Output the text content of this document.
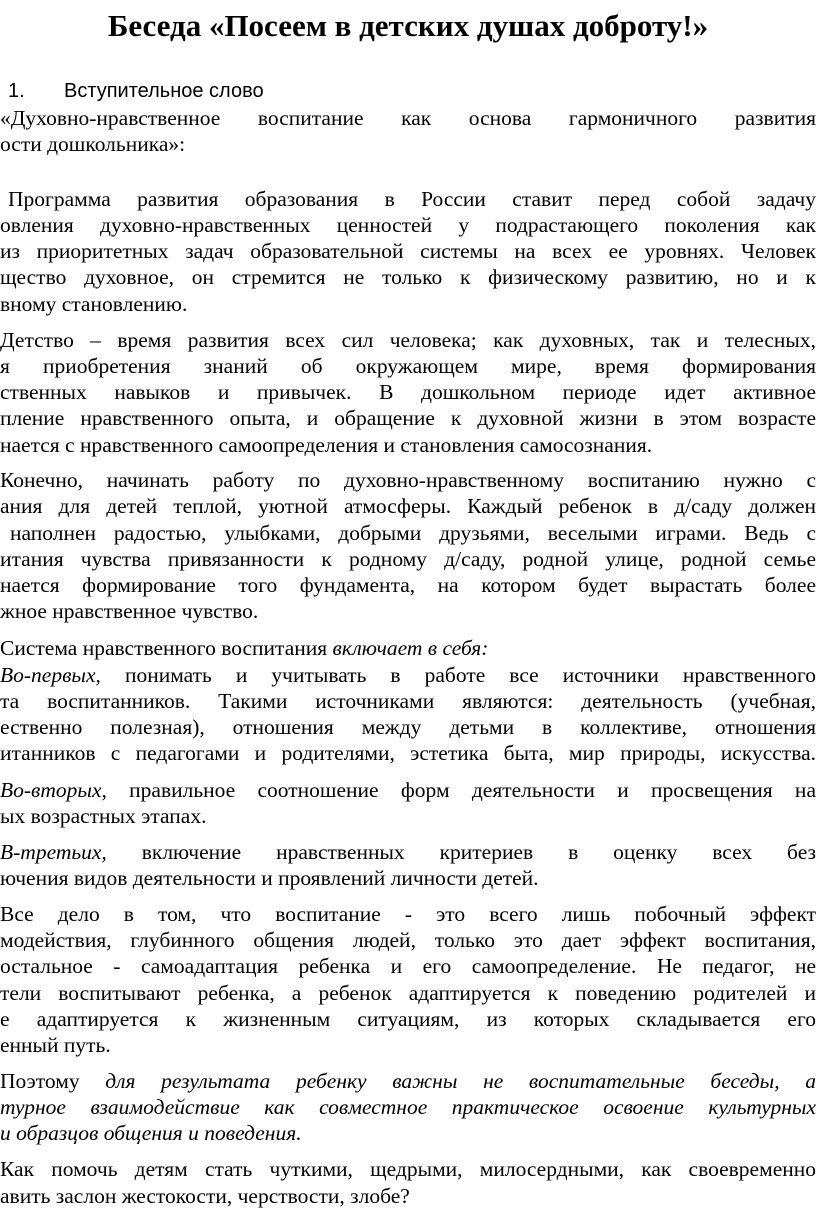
Беседа «Посеем в детских душах доброту!»
1. Вступительное слово
«Духовно-нравственное воспитание как основа гармоничного развития
ости дошкольника»:
Программа развития образования в России ставит перед собой задачу
овления духовно-нравственных ценностей у подрастающего поколения как
из приоритетных задач образовательной системы на всех ее уровнях. Человек
щество духовное, он стремится не только к физическому развитию, но и к
вному становлению.
Детство – время развития всех сил человека; как духовных, так и телесных,
я приобретения знаний об окружающем мире, время формирования
ственных навыков и привычек. В дошкольном периоде идет активное
пление нравственного опыта, и обращение к духовной жизни в этом возрасте
нается с нравственного самоопределения и становления самосознания.
Конечно, начинать работу по духовно-нравственному воспитанию нужно с
ания для детей теплой, уютной атмосферы. Каждый ребенок в д/саду должен
наполнен радостью, улыбками, добрыми друзьями, веселыми играми. Ведь с
итания чувства привязанности к родному д/саду, родной улице, родной семье
нается формирование того фундамента, на котором будет вырастать более
жное нравственное чувство.
Система нравственного воспитания включает в себя:
Во-первых, понимать и учитывать в работе все источники нравственного
та воспитанников. Такими источниками являются: деятельность (учебная,
ественно полезная), отношения между детьми в коллективе, отношения
итанников с педагогами и родителями, эстетика быта, мир природы, искусства.
Во-вторых, правильное соотношение форм деятельности и просвещения на
ых возрастных этапах.
В-третьих, включение нравственных критериев в оценку всех без
ючения видов деятельности и проявлений личности детей.
Все дело в том, что воспитание - это всего лишь побочный эффект
модействия, глубинного общения людей, только это дает эффект воспитания,
остальное - самоадаптация ребенка и его самоопределение. Не педагог, не
тели воспитывают ребенка, а ребенок адаптируется к поведению родителей и
е адаптируется к жизненным ситуациям, из которых складывается его
енный путь.
Поэтому для результата ребенку важны не воспитательные беседы, а
турное взаимодействие как совместное практическое освоение культурных
и образцов общения и поведения.
Как помочь детям стать чуткими, щедрыми, милосердными, как своевременно
авить заслон жестокости, черствости, злобе?
